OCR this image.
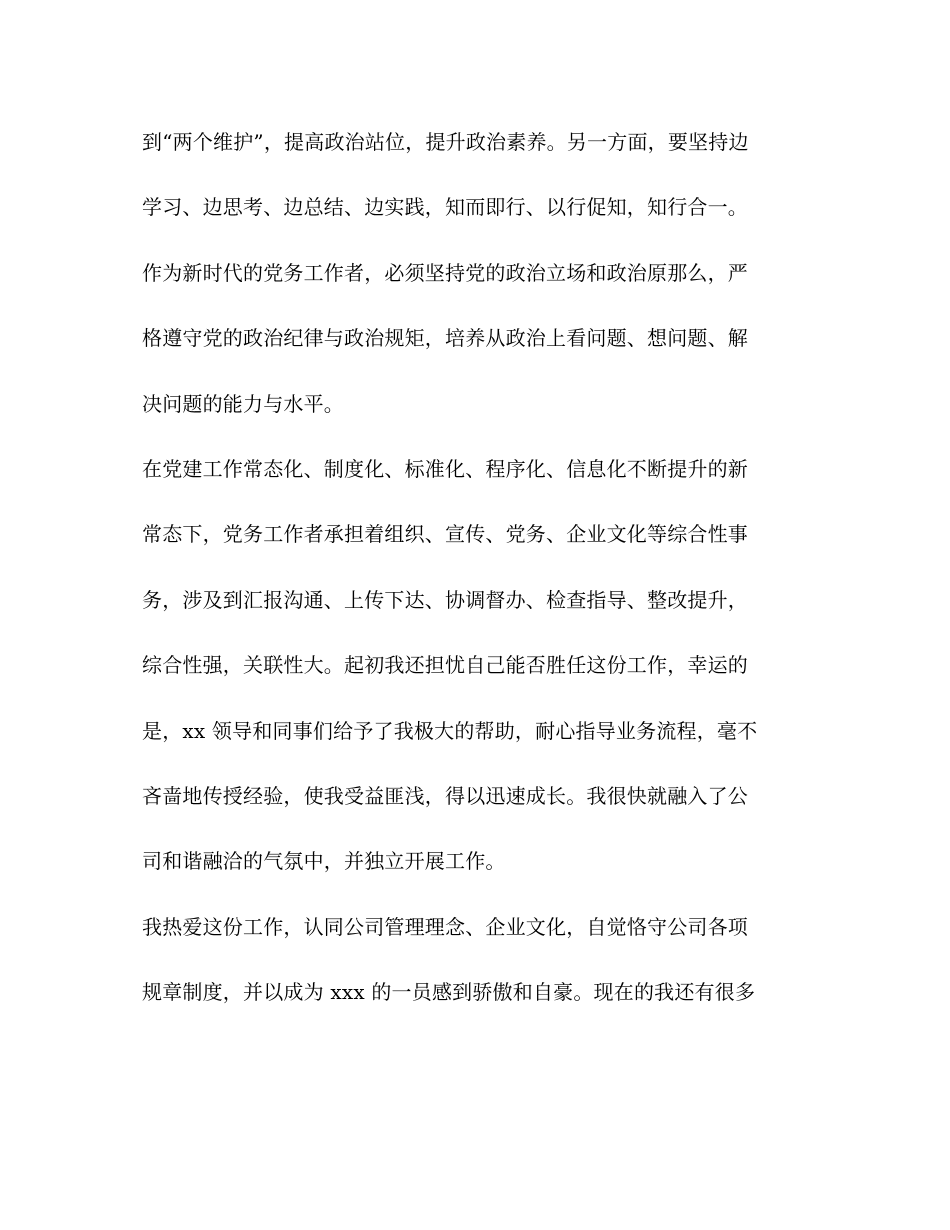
到“两个维护”，提高政治站位，提升政治素养。另一方面，要坚持边
学习、边思考、边总结、边实践，知而即行、以行促知，知行合一。
作为新时代的党务工作者，必须坚持党的政治立场和政治原那么，严
格遵守党的政治纪律与政治规矩，培养从政治上看问题、想问题、解
决问题的能力与水平。
在党建工作常态化、制度化、标准化、程序化、信息化不断提升的新
常态下，党务工作者承担着组织、宣传、党务、企业文化等综合性事
务，涉及到汇报沟通、上传下达、协调督办、检查指导、整改提升，
综合性强，关联性大。起初我还担忧自己能否胜任这份工作，幸运的
是，xx 领导和同事们给予了我极大的帮助，耐心指导业务流程，毫不
吝啬地传授经验，使我受益匪浅，得以迅速成长。我很快就融入了公
司和谐融洽的气氛中，并独立开展工作。
我热爱这份工作，认同公司管理理念、企业文化，自觉恪守公司各项
规章制度，并以成为 xxx 的一员感到骄傲和自豪。现在的我还有很多
